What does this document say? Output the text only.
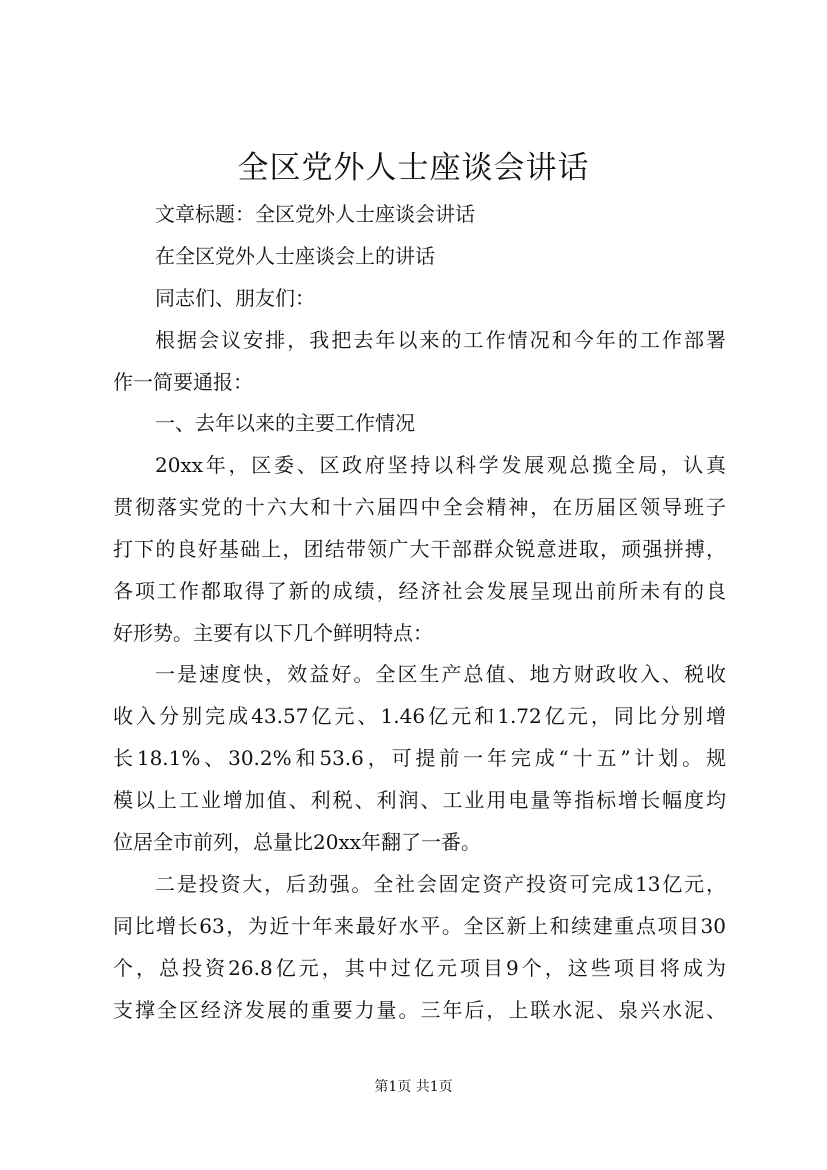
全区党外人士座谈会讲话
文章标题：全区党外人士座谈会讲话
在全区党外人士座谈会上的讲话
同志们、朋友们：
根据会议安排，我把去年以来的工作情况和今年的工作部署
作一简要通报：
一、去年以来的主要工作情况
20xx年，区委、区政府坚持以科学发展观总揽全局，认真
贯彻落实党的十六大和十六届四中全会精神，在历届区领导班子
打下的良好基础上，团结带领广大干部群众锐意进取，顽强拼搏，
各项工作都取得了新的成绩，经济社会发展呈现出前所未有的良
好形势。主要有以下几个鲜明特点：
一是速度快，效益好。全区生产总值、地方财政收入、税收
收入分别完成43.57亿元、1.46亿元和1.72亿元，同比分别增
长18.1%、30.2%和53.6，可提前一年完成“十五”计划。规
模以上工业增加值、利税、利润、工业用电量等指标增长幅度均
位居全市前列，总量比20xx年翻了一番。
二是投资大，后劲强。全社会固定资产投资可完成13亿元，
同比增长63，为近十年来最好水平。全区新上和续建重点项目30
个，总投资26.8亿元，其中过亿元项目9个，这些项目将成为
支撑全区经济发展的重要力量。三年后，上联水泥、泉兴水泥、
第1页 共1页
